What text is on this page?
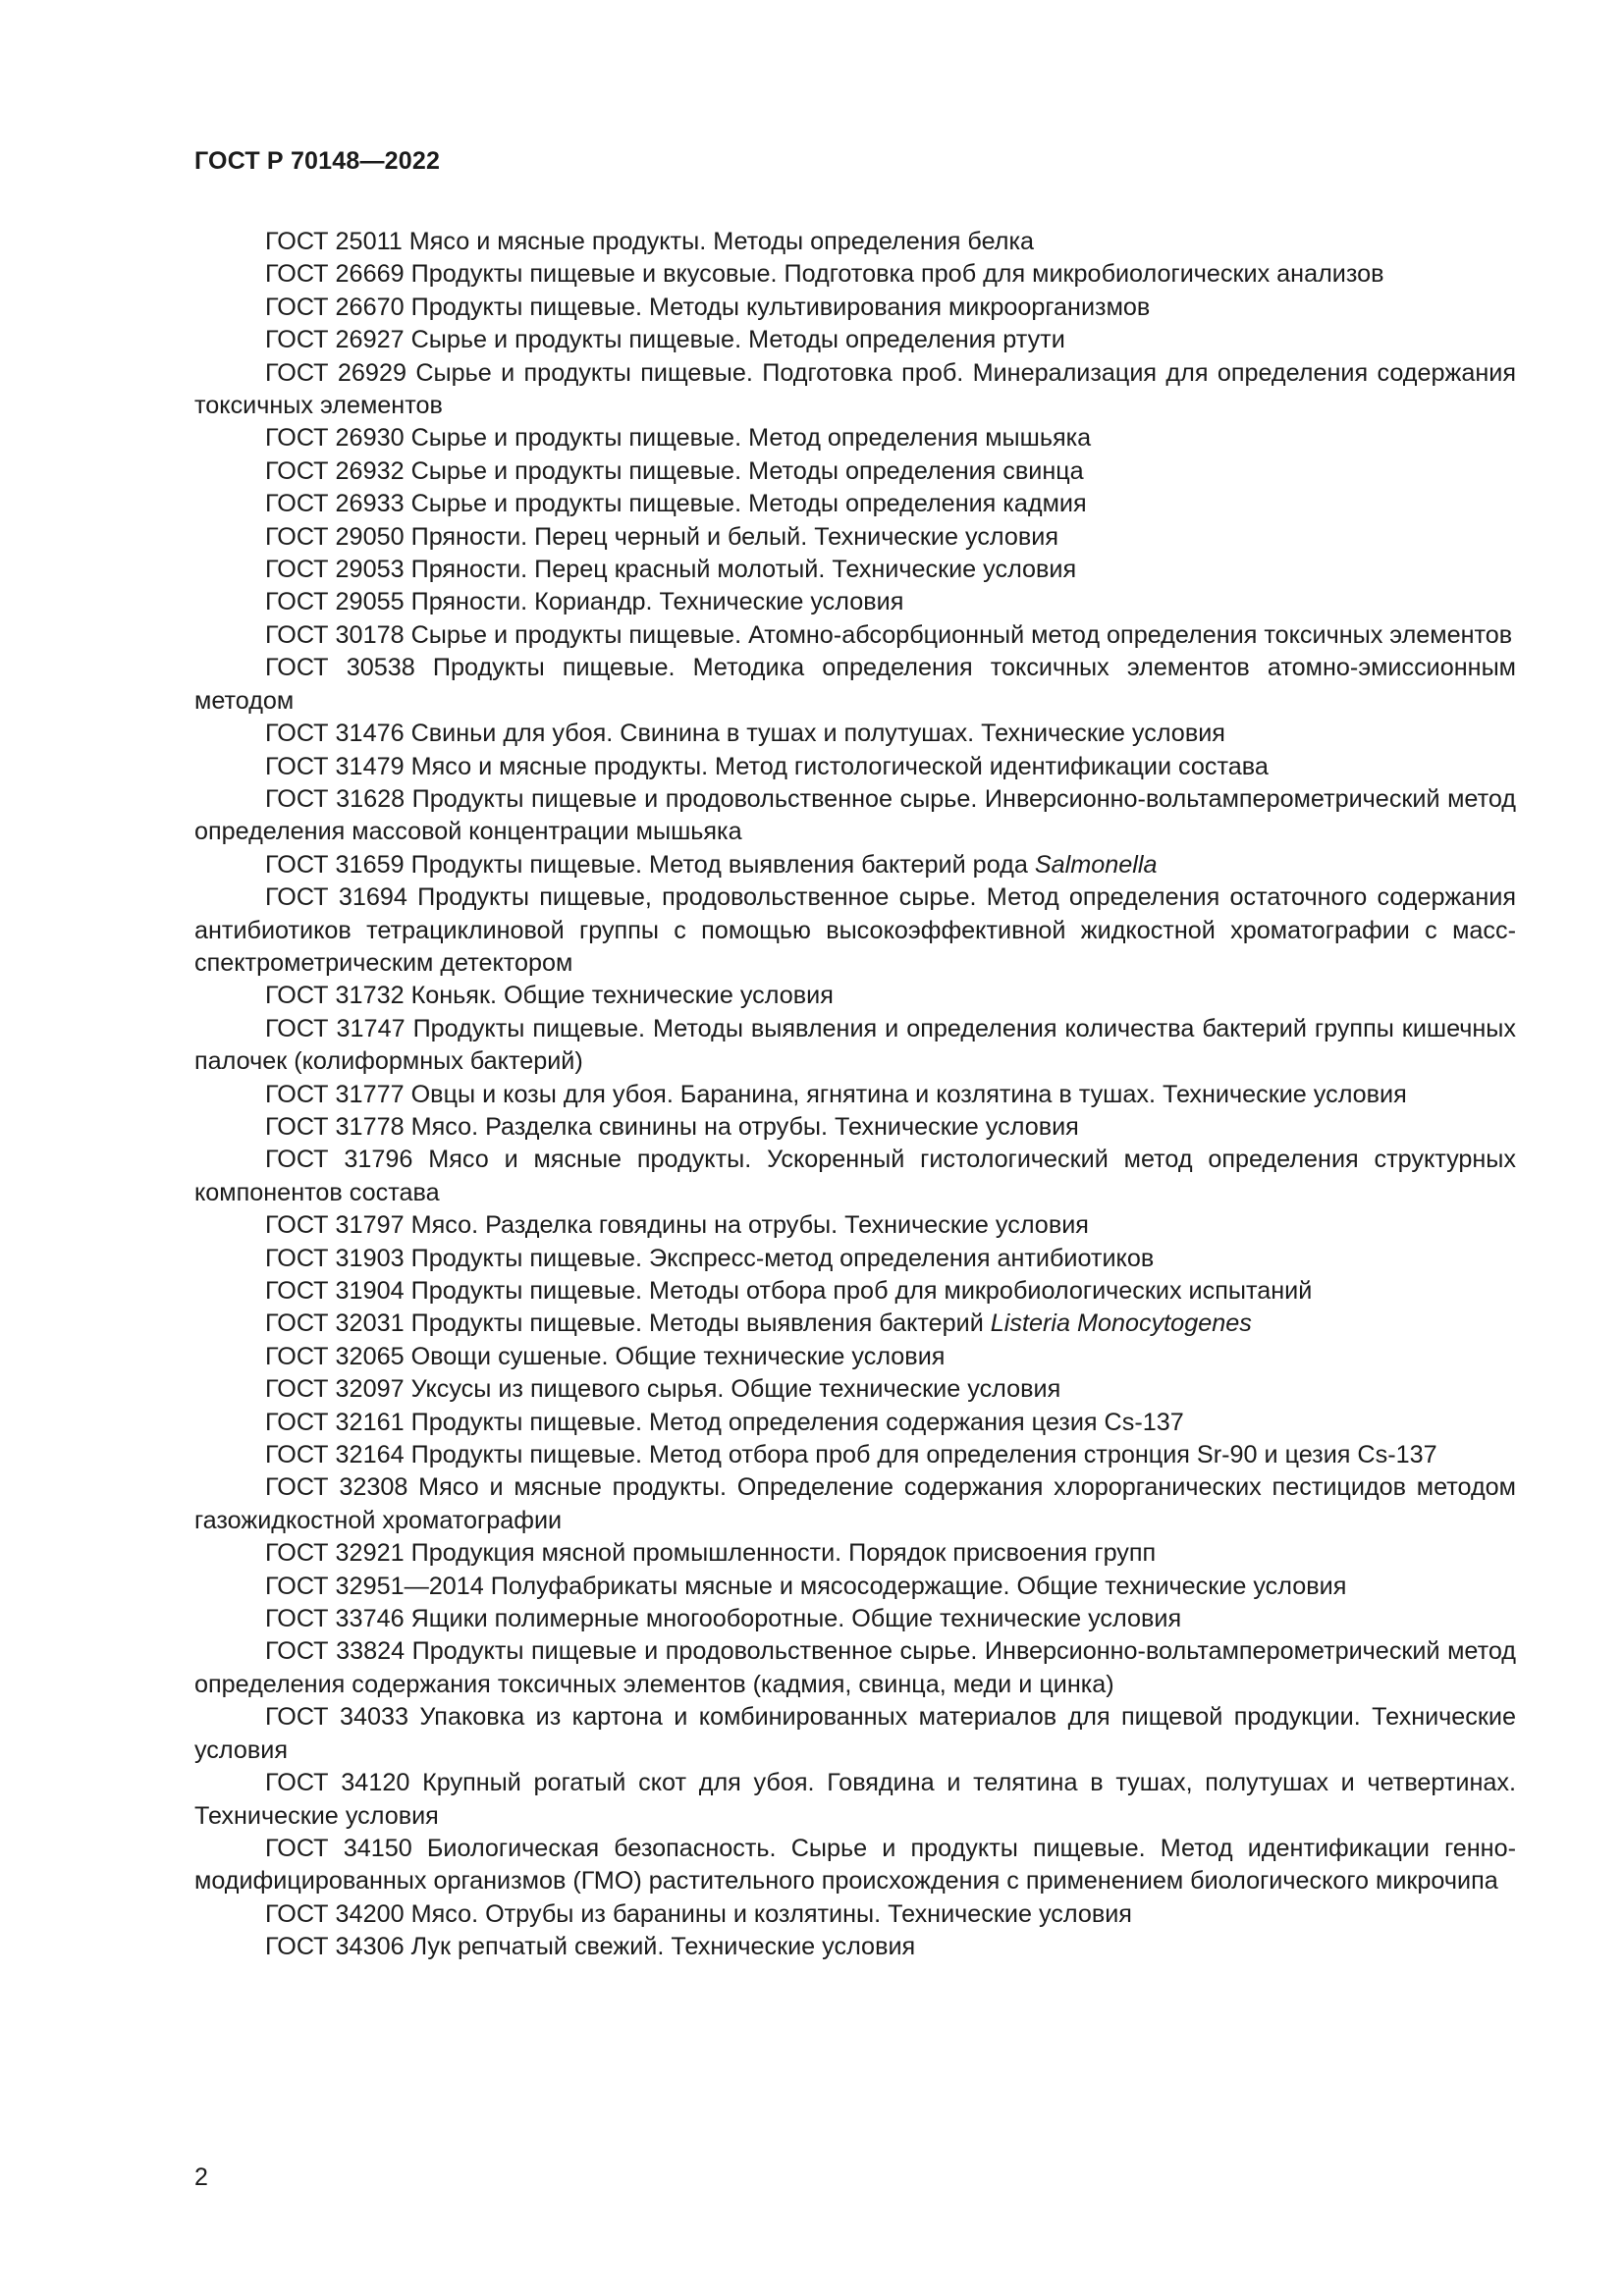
ГОСТ Р 70148—2022

ГОСТ 25011 Мясо и мясные продукты. Методы определения белка

ГОСТ 26669 Продукты пищевые и вкусовые. Подготовка проб для микробиологических анализов

ГОСТ 26670 Продукты пищевые. Методы культивирования микроорганизмов

ГОСТ 26927 Сырье и продукты пищевые. Методы определения ртути

ГОСТ 26929 Сырье и продукты пищевые. Подготовка проб. Минерализация для определения содержания токсичных элементов

ГОСТ 26930 Сырье и продукты пищевые. Метод определения мышьяка

ГОСТ 26932 Сырье и продукты пищевые. Методы определения свинца

ГОСТ 26933 Сырье и продукты пищевые. Методы определения кадмия

ГОСТ 29050 Пряности. Перец черный и белый. Технические условия

ГОСТ 29053 Пряности. Перец красный молотый. Технические условия

ГОСТ 29055 Пряности. Кориандр. Технические условия

ГОСТ 30178 Сырье и продукты пищевые. Атомно-абсорбционный метод определения токсичных элементов

ГОСТ 30538 Продукты пищевые. Методика определения токсичных элементов атомно-эмиссионным методом

ГОСТ 31476 Свиньи для убоя. Свинина в тушах и полутушах. Технические условия

ГОСТ 31479 Мясо и мясные продукты. Метод гистологической идентификации состава

ГОСТ 31628 Продукты пищевые и продовольственное сырье. Инверсионно-вольтамперометрический метод определения массовой концентрации мышьяка

ГОСТ 31659 Продукты пищевые. Метод выявления бактерий рода Salmonella

ГОСТ 31694 Продукты пищевые, продовольственное сырье. Метод определения остаточного содержания антибиотиков тетрациклиновой группы с помощью высокоэффективной жидкостной хроматографии с масс-спектрометрическим детектором

ГОСТ 31732 Коньяк. Общие технические условия

ГОСТ 31747 Продукты пищевые. Методы выявления и определения количества бактерий группы кишечных палочек (колиформных бактерий)

ГОСТ 31777 Овцы и козы для убоя. Баранина, ягнятина и козлятина в тушах. Технические условия

ГОСТ 31778 Мясо. Разделка свинины на отрубы. Технические условия

ГОСТ 31796 Мясо и мясные продукты. Ускоренный гистологический метод определения структурных компонентов состава

ГОСТ 31797 Мясо. Разделка говядины на отрубы. Технические условия

ГОСТ 31903 Продукты пищевые. Экспресс-метод определения антибиотиков

ГОСТ 31904 Продукты пищевые. Методы отбора проб для микробиологических испытаний

ГОСТ 32031 Продукты пищевые. Методы выявления бактерий Listeria Monocytogenes

ГОСТ 32065 Овощи сушеные. Общие технические условия

ГОСТ 32097 Уксусы из пищевого сырья. Общие технические условия

ГОСТ 32161 Продукты пищевые. Метод определения содержания цезия Cs-137

ГОСТ 32164 Продукты пищевые. Метод отбора проб для определения стронция Sr-90 и цезия Cs-137

ГОСТ 32308 Мясо и мясные продукты. Определение содержания хлорорганических пестицидов методом газожидкостной хроматографии

ГОСТ 32921 Продукция мясной промышленности. Порядок присвоения групп

ГОСТ 32951—2014 Полуфабрикаты мясные и мясосодержащие. Общие технические условия

ГОСТ 33746 Ящики полимерные многооборотные. Общие технические условия

ГОСТ 33824 Продукты пищевые и продовольственное сырье. Инверсионно-вольтамперометрический метод определения содержания токсичных элементов (кадмия, свинца, меди и цинка)

ГОСТ 34033 Упаковка из картона и комбинированных материалов для пищевой продукции. Технические условия

ГОСТ 34120 Крупный рогатый скот для убоя. Говядина и телятина в тушах, полутушах и четвертинах. Технические условия

ГОСТ 34150 Биологическая безопасность. Сырье и продукты пищевые. Метод идентификации генно-модифицированных организмов (ГМО) растительного происхождения с применением биологического микрочипа

ГОСТ 34200 Мясо. Отрубы из баранины и козлятины. Технические условия

ГОСТ 34306 Лук репчатый свежий. Технические условия

2
